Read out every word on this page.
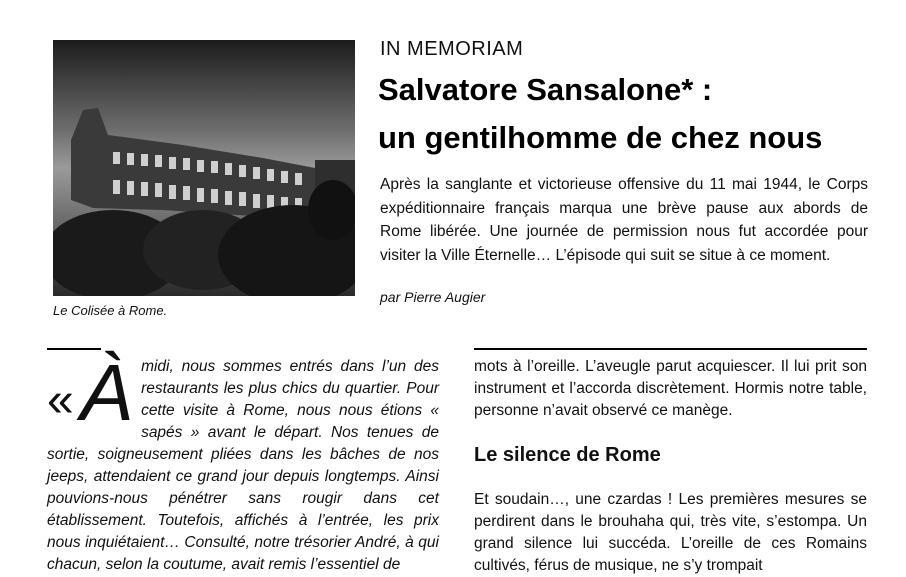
Le Colisée à Rome.
IN MEMORIAM
Salvatore Sansalone* :
un gentilhomme de chez nous
Après la sanglante et victorieuse offensive du 11 mai 1944, le Corps expéditionnaire français marqua une brève pause aux abords de Rome libérée. Une journée de permission nous fut accordée pour visiter la Ville Éternelle… L’épisode qui suit se situe à ce moment.
par Pierre Augier
«À midi, nous sommes entrés dans l’un des restaurants les plus chics du quartier. Pour cette visite à Rome, nous nous étions « sapés » avant le départ. Nos tenues de sortie, soigneusement pliées dans les bâches de nos jeeps, attendaient ce grand jour depuis longtemps. Ainsi pouvions-nous pénétrer sans rougir dans cet établissement. Toutefois, affichés à l’entrée, les prix nous inquiétaient… Consulté, notre trésorier André, à qui chacun, selon la coutume, avait remis l’essentiel de

mots à l’oreille. L’aveugle parut acquiescer. Il lui prit son instrument et l’accorda discrètement. Hormis notre table, personne n’avait observé ce manège.

Le silence de Rome

Et soudain…, une czardas ! Les premières mesures se perdirent dans le brouhaha qui, très vite, s’estompa. Un grand silence lui succéda. L’oreille de ces Romains cultivés, férus de musique, ne s’y trompait
